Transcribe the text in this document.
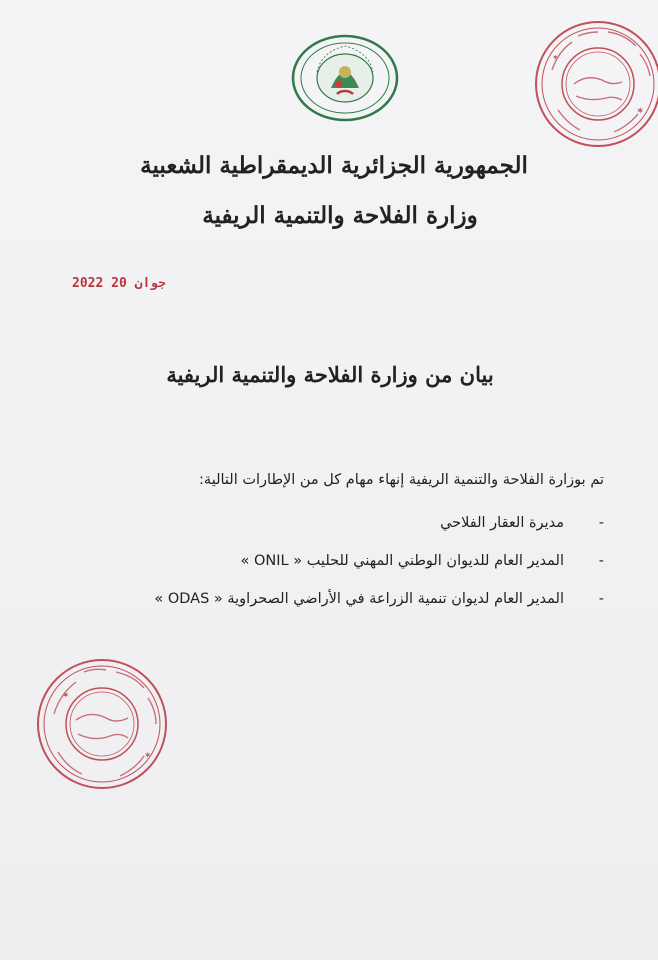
✶
✶
الجمهورية الجزائرية الديمقراطية الشعبية
وزارة الفلاحة والتنمية الريفية
2022 جوان 20
بيان من وزارة الفلاحة والتنمية الريفية
تم بوزارة الفلاحة والتنمية الريفية إنهاء مهام كل من الإطارات التالية:
-
مديرة العقار الفلاحي
-
المدير العام للديوان الوطني المهني للحليب « ONIL »
-
المدير العام لديوان تنمية الزراعة في الأراضي الصحراوية « ODAS »
✶
✶
